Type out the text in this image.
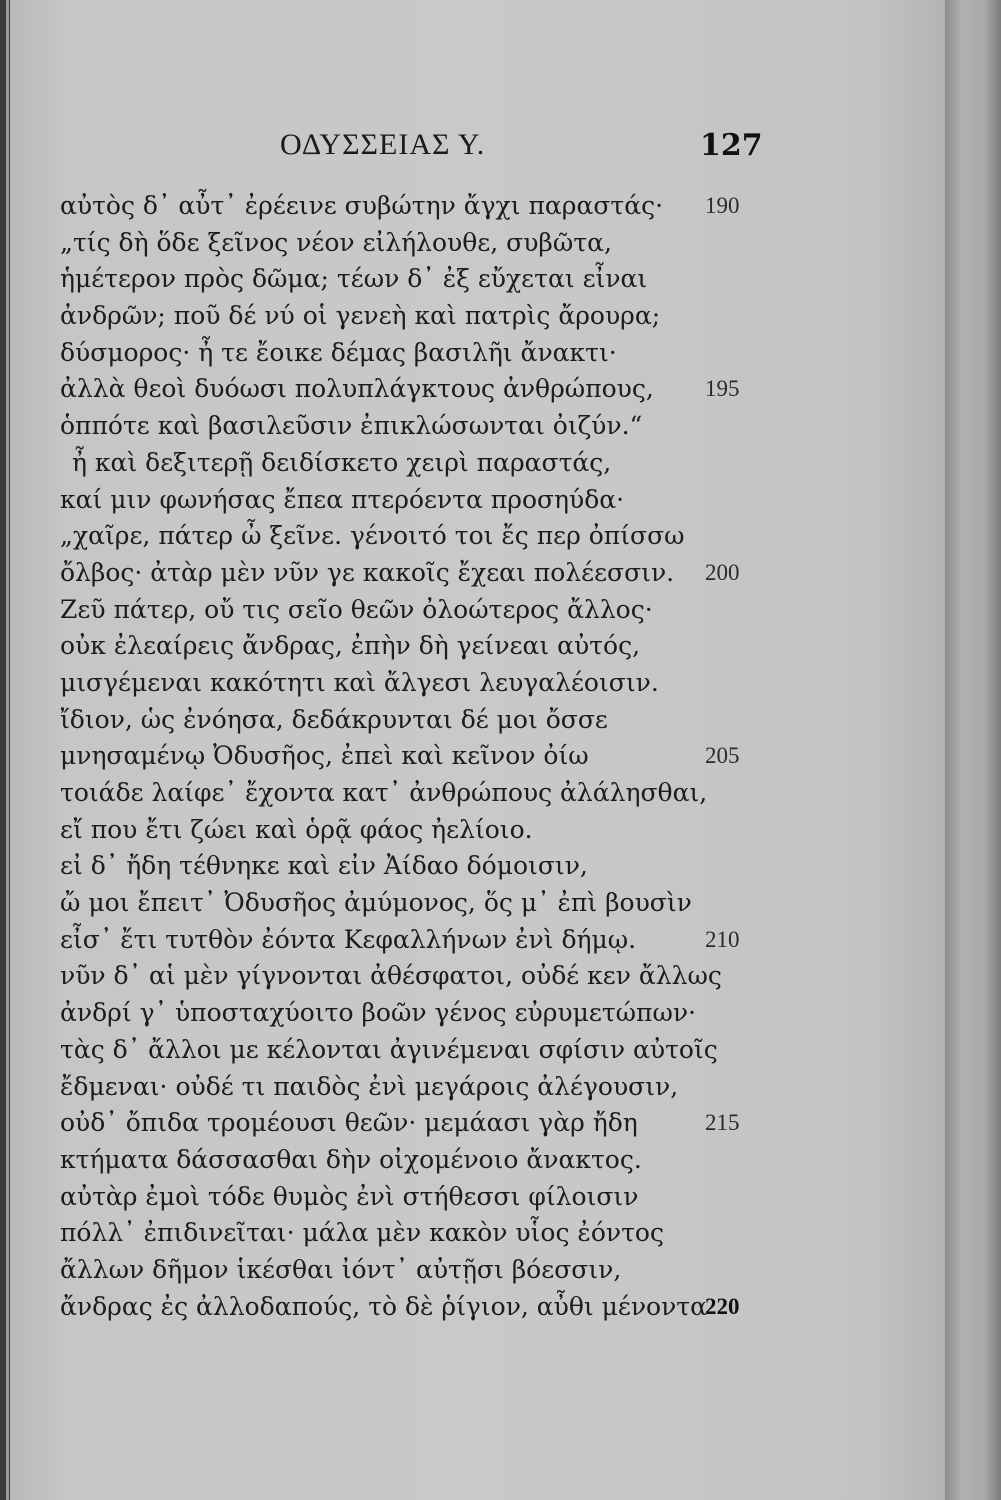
ΟΔΥΣΣΕΙΑΣ Υ.	127
αὐτὸς δ᾽ αὖτ᾽ ἐρέεινε συβώτην ἄγχι παραστάς· 190
„τίς δὴ ὅδε ξεῖνος νέον εἰλήλουθε, συβῶτα,
ἡμέτερον πρὸς δῶμα; τέων δ᾽ ἐξ εὔχεται εἶναι
ἀνδρῶν; ποῦ δέ νύ οἱ γενεὴ καὶ πατρὶς ἄρουρα;
δύσμορος· ἦ τε ἔοικε δέμας βασιλῆι ἄνακτι·
ἀλλὰ θεοὶ δυόωσι πολυπλάγκτους ἀνθρώπους, 195
ὁππότε καὶ βασιλεῦσιν ἐπικλώσωνται ὀιζύν.“
ἦ καὶ δεξιτερῇ δειδίσκετο χειρὶ παραστάς,
καί μιν φωνήσας ἔπεα πτερόεντα προσηύδα·
„χαῖρε, πάτερ ὦ ξεῖνε. γένοιτό τοι ἔς περ ὀπίσσω
ὄλβος· ἀτὰρ μὲν νῦν γε κακοῖς ἔχεαι πολέεσσιν. 200
Ζεῦ πάτερ, οὔ τις σεῖο θεῶν ὀλοώτερος ἄλλος·
οὐκ ἐλεαίρεις ἄνδρας, ἐπὴν δὴ γείνεαι αὐτός,
μισγέμεναι κακότητι καὶ ἄλγεσι λευγαλέοισιν.
ἴδιον, ὡς ἐνόησα, δεδάκρυνται δέ μοι ὄσσε
μνησαμένῳ Ὀδυσῆος, ἐπεὶ καὶ κεῖνον ὀίω	205
τοιάδε λαίφε᾽ ἔχοντα κατ᾽ ἀνθρώπους ἀλάλησθαι,
εἴ που ἔτι ζώει καὶ ὁρᾷ φάος ἠελίοιο.
εἰ δ᾽ ἤδη τέθνηκε καὶ εἰν Ἀίδαο δόμοισιν,
ὤ μοι ἔπειτ᾽ Ὀδυσῆος ἀμύμονος, ὅς μ᾽ ἐπὶ βουσὶν
εἶσ᾽ ἔτι τυτθὸν ἐόντα Κεφαλλήνων ἐνὶ δήμῳ.	210
νῦν δ᾽ αἱ μὲν γίγνονται ἀθέσφατοι, οὐδέ κεν ἄλλως
ἀνδρί γ᾽ ὑποσταχύοιτο βοῶν γένος εὐρυμετώπων·
τὰς δ᾽ ἄλλοι με κέλονται ἀγινέμεναι σφίσιν αὐτοῖς
ἔδμεναι· οὐδέ τι παιδὸς ἐνὶ μεγάροις ἀλέγουσιν,
οὐδ᾽ ὄπιδα τρομέουσι θεῶν· μεμάασι γὰρ ἤδη	215
κτήματα δάσσασθαι δὴν οἰχομένοιο ἄνακτος.
αὐτὰρ ἐμοὶ τόδε θυμὸς ἐνὶ στήθεσσι φίλοισιν
πόλλ᾽ ἐπιδινεῖται· μάλα μὲν κακὸν υἷος ἐόντος
ἄλλων δῆμον ἱκέσθαι ἰόντ᾽ αὐτῇσι βόεσσιν,
ἄνδρας ἐς ἀλλοδαπούς, τὸ δὲ ῥίγιον, αὖθι μένοντα
220
